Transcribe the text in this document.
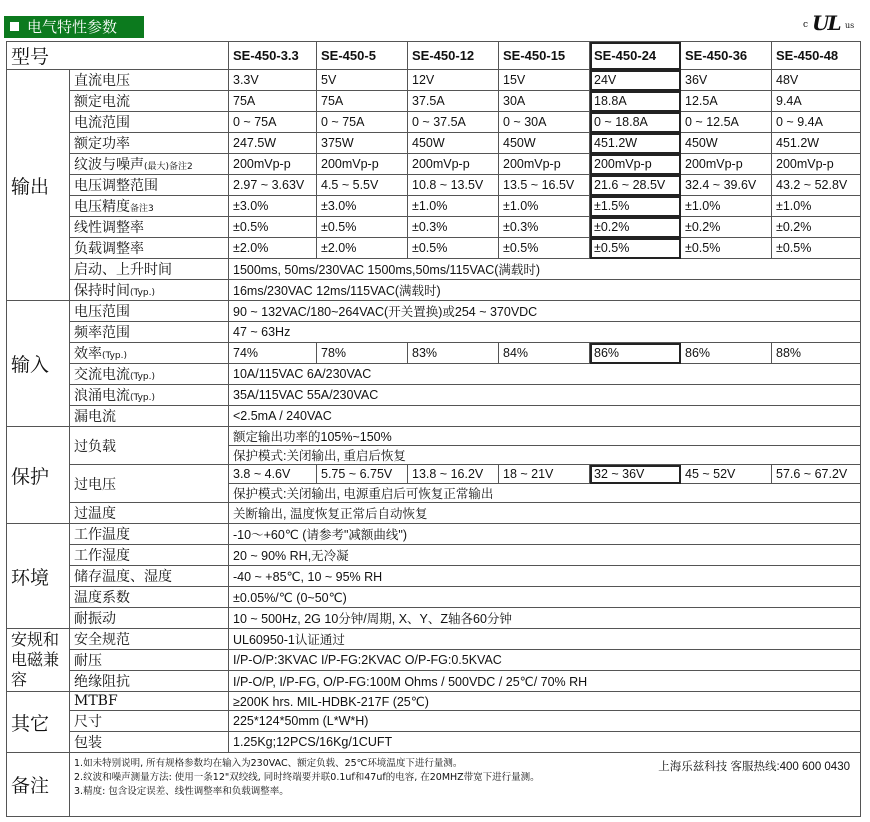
电气特性参数	c UL us
型号		SE-450-3.3	SE-450-5	SE-450-12	SE-450-15	SE-450-24	SE-450-36	SE-450-48
输出	直流电压	3.3V	5V	12V	15V	24V	36V	48V
	额定电流	75A	75A	37.5A	30A	18.8A	12.5A	9.4A
	电流范围	0 ~ 75A	0 ~ 75A	0 ~ 37.5A	0 ~ 30A	0 ~ 18.8A	0 ~ 12.5A	0 ~ 9.4A
	额定功率	247.5W	375W	450W	450W	451.2W	450W	451.2W
	纹波与噪声(最大)备注2	200mVp-p	200mVp-p	200mVp-p	200mVp-p	200mVp-p	200mVp-p	200mVp-p
	电压调整范围	2.97 ~ 3.63V	4.5 ~ 5.5V	10.8 ~ 13.5V	13.5 ~ 16.5V	21.6 ~ 28.5V	32.4 ~ 39.6V	43.2 ~ 52.8V
	电压精度备注3	±3.0%	±3.0%	±1.0%	±1.0%	±1.5%	±1.0%	±1.0%
	线性调整率	±0.5%	±0.5%	±0.3%	±0.3%	±0.2%	±0.2%	±0.2%
	负载调整率	±2.0%	±2.0%	±0.5%	±0.5%	±0.5%	±0.5%	±0.5%
	启动、上升时间	1500ms, 50ms/230VAC 1500ms,50ms/115VAC(满载时)						
	保持时间(Typ.)	16ms/230VAC 12ms/115VAC(满载时)						
输入	电压范围	90 ~ 132VAC/180~264VAC(开关置换)或254 ~ 370VDC						
	频率范围	47 ~ 63Hz						
	效率(Typ.)	74%	78%	83%	84%	86%	86%	88%
	交流电流(Typ.)	10A/115VAC 6A/230VAC						
	浪涌电流(Typ.)	35A/115VAC 55A/230VAC						
	漏电流	<2.5mA / 240VAC						
保护	过负载	额定输出功率的105%~150%						
		保护模式:关闭输出, 重启后恢复						
	过电压	3.8 ~ 4.6V	5.75 ~ 6.75V	13.8 ~ 16.2V	18 ~ 21V	32 ~ 36V	45 ~ 52V	57.6 ~ 67.2V
		保护模式:关闭输出, 电源重启后可恢复正常输出						
	过温度	关断输出, 温度恢复正常后自动恢复						
环境	工作温度	-10～+60℃ (请参考"减额曲线")						
	工作湿度	20 ~ 90% RH,无冷凝						
	储存温度、湿度	-40 ~ +85℃, 10 ~ 95% RH						
	温度系数	±0.05%/℃ (0~50℃)						
	耐振动	10 ~ 500Hz, 2G 10分钟/周期, X、Y、Z轴各60分钟						
安规和电磁兼容	安全规范	UL60950-1认证通过						
	耐压	I/P-O/P:3KVAC I/P-FG:2KVAC O/P-FG:0.5KVAC						
	绝缘阻抗	I/P-O/P, I/P-FG, O/P-FG:100M Ohms / 500VDC / 25℃/ 70% RH						
其它	MTBF	≥200K hrs. MIL-HDBK-217F (25℃)						
	尺寸	225*124*50mm (L*W*H)						
	包装	1.25Kg;12PCS/16Kg/1CUFT						
备注	1.如未特别说明, 所有规格参数均在输入为230VAC、额定负载、25℃环境温度下进行量测。
2.纹波和噪声测量方法: 使用一条12"双绞线, 同时终端要并联0.1uf和47uf的电容, 在20MHZ带宽下进行量测。
3.精度: 包含设定误差、线性调整率和负载调整率。
上海乐兹科技 客服热线:400 600 0430							
